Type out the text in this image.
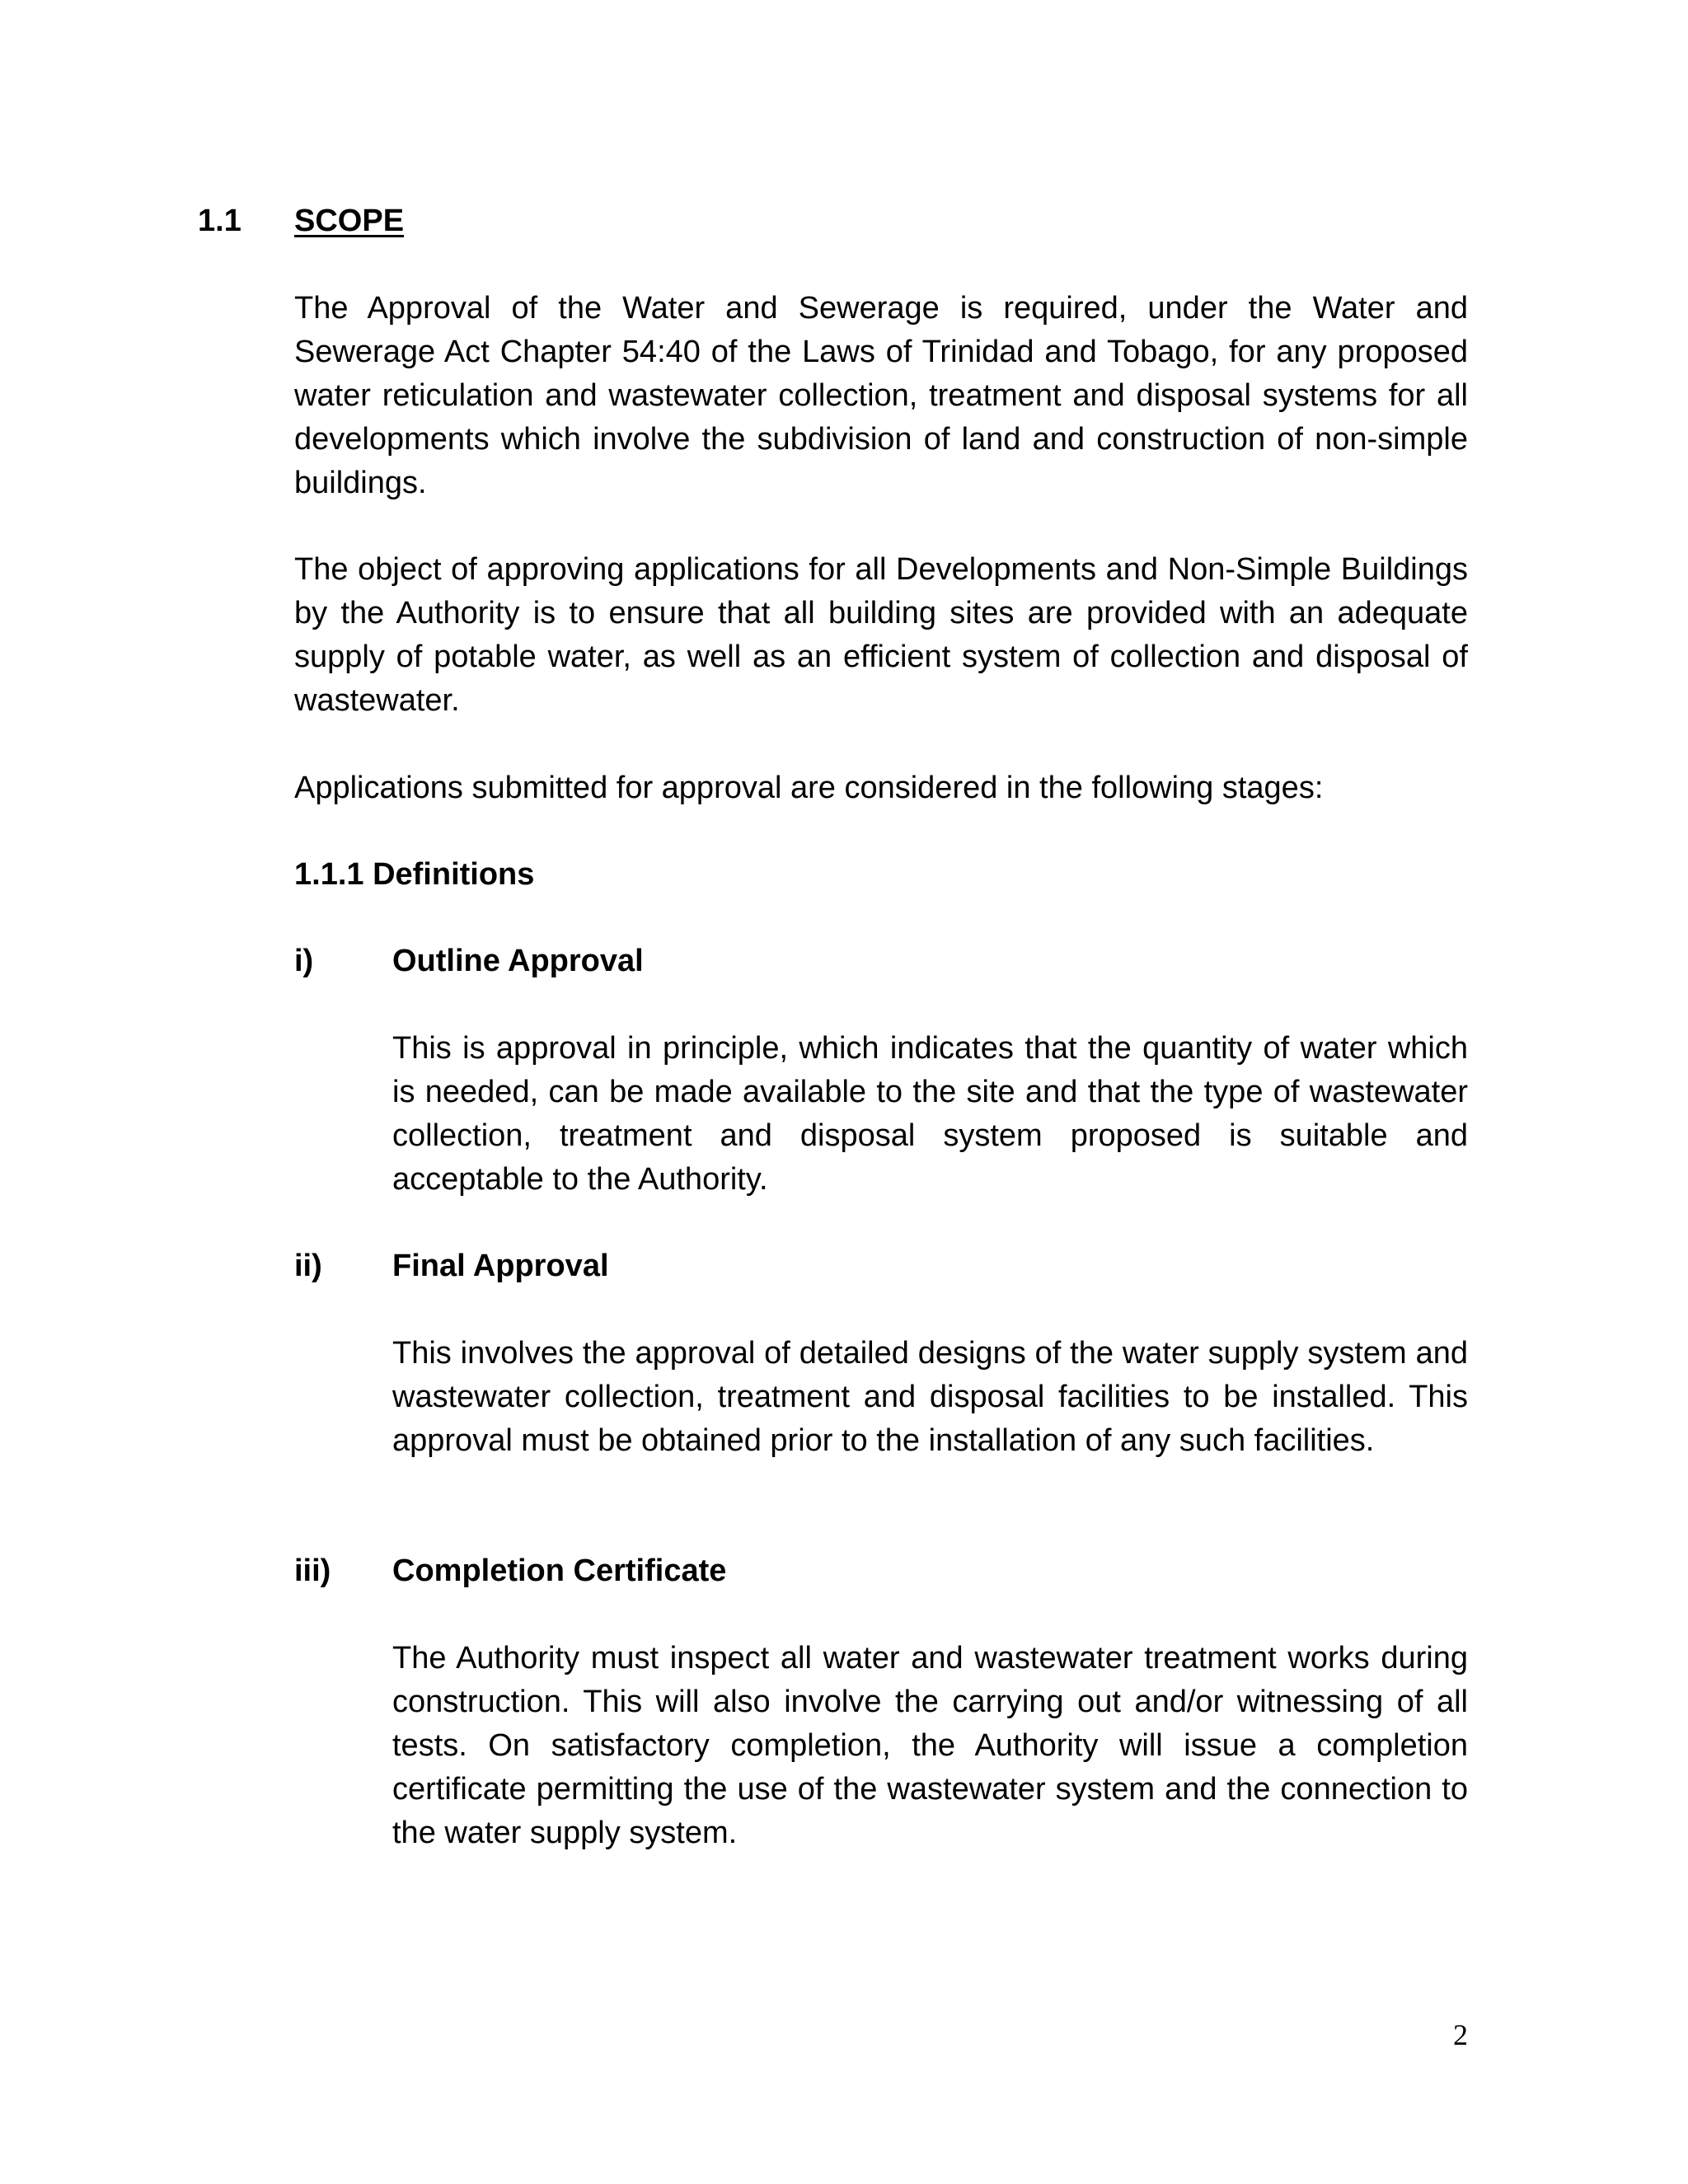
1.1 SCOPE

The Approval of the Water and Sewerage is required, under the Water and Sewerage Act Chapter 54:40 of the Laws of Trinidad and Tobago, for any proposed water reticulation and wastewater collection, treatment and disposal systems for all developments which involve the subdivision of land and construction of non-simple buildings.

The object of approving applications for all Developments and Non-Simple Buildings by the Authority is to ensure that all building sites are provided with an adequate supply of potable water, as well as an efficient system of collection and disposal of wastewater.

Applications submitted for approval are considered in the following stages:

1.1.1 Definitions
i)	Outline Approval

This is approval in principle, which indicates that the quantity of water which is needed, can be made available to the site and that the type of wastewater collection, treatment and disposal system proposed is suitable and acceptable to the Authority.

ii) Final Approval

This involves the approval of detailed designs of the water supply system and wastewater collection, treatment and disposal facilities to be installed. This approval must be obtained prior to the installation of any such facilities.

iii) Completion Certificate

The Authority must inspect all water and wastewater treatment works during construction. This will also involve the carrying out and/or witnessing of all tests. On satisfactory completion, the Authority will issue a completion certificate permitting the use of the wastewater system and the connection to the water supply system.

2
